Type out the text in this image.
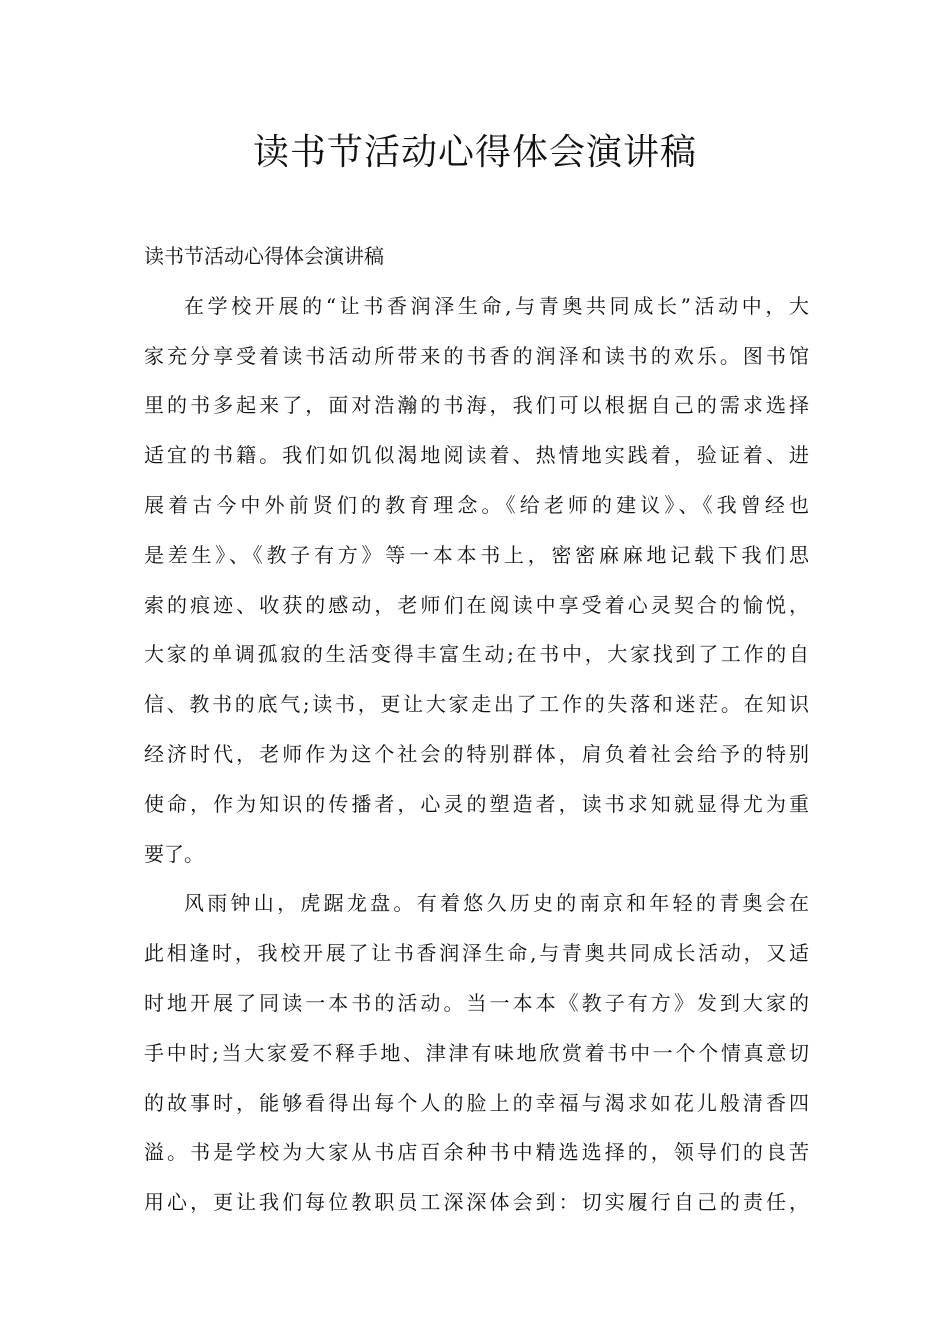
读书节活动心得体会演讲稿
读书节活动心得体会演讲稿
在学校开展的“让书香润泽生命,与青奥共同成长”活动中，大
家充分享受着读书活动所带来的书香的润泽和读书的欢乐。图书馆
里的书多起来了，面对浩瀚的书海，我们可以根据自己的需求选择
适宜的书籍。我们如饥似渴地阅读着、热情地实践着，验证着、进
展着古今中外前贤们的教育理念。《给老师的建议》、《我曾经也
是差生》、《教子有方》等一本本书上，密密麻麻地记载下我们思
索的痕迹、收获的感动，老师们在阅读中享受着心灵契合的愉悦，
大家的单调孤寂的生活变得丰富生动;在书中，大家找到了工作的自
信、教书的底气;读书，更让大家走出了工作的失落和迷茫。在知识
经济时代，老师作为这个社会的特别群体，肩负着社会给予的特别
使命，作为知识的传播者，心灵的塑造者，读书求知就显得尤为重
要了。
风雨钟山，虎踞龙盘。有着悠久历史的南京和年轻的青奥会在
此相逢时，我校开展了让书香润泽生命,与青奥共同成长活动，又适
时地开展了同读一本书的活动。当一本本《教子有方》发到大家的
手中时;当大家爱不释手地、津津有味地欣赏着书中一个个情真意切
的故事时，能够看得出每个人的脸上的幸福与渴求如花儿般清香四
溢。书是学校为大家从书店百余种书中精选选择的，领导们的良苦
用心，更让我们每位教职员工深深体会到：切实履行自己的责任，
